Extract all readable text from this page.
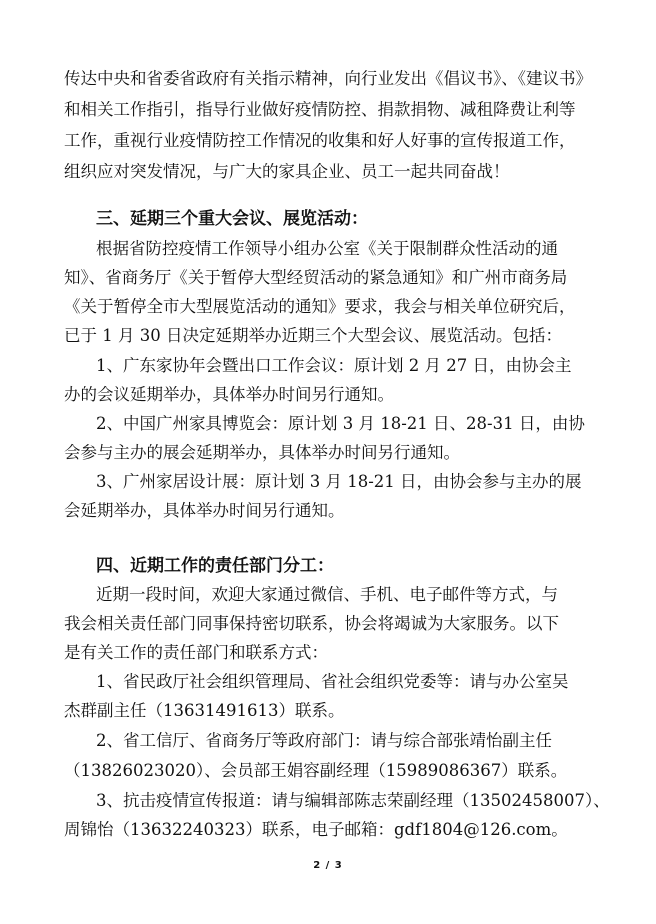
传达中央和省委省政府有关指示精神，向行业发出《倡议书》、《建议书》
和相关工作指引，指导行业做好疫情防控、捐款捐物、减租降费让利等
工作，重视行业疫情防控工作情况的收集和好人好事的宣传报道工作，
组织应对突发情况，与广大的家具企业、员工一起共同奋战！
三、延期三个重大会议、展览活动：
根据省防控疫情工作领导小组办公室《关于限制群众性活动的通
知》、省商务厅《关于暂停大型经贸活动的紧急通知》和广州市商务局
《关于暂停全市大型展览活动的通知》要求，我会与相关单位研究后，
已于 1 月 30 日决定延期举办近期三个大型会议、展览活动。包括：
1、广东家协年会暨出口工作会议：原计划 2 月 27 日，由协会主
办的会议延期举办，具体举办时间另行通知。
2、中国广州家具博览会：原计划 3 月 18-21 日、28-31 日，由协
会参与主办的展会延期举办，具体举办时间另行通知。
3、广州家居设计展：原计划 3 月 18-21 日，由协会参与主办的展
会延期举办，具体举办时间另行通知。
四、近期工作的责任部门分工：
近期一段时间，欢迎大家通过微信、手机、电子邮件等方式，与
我会相关责任部门同事保持密切联系，协会将竭诚为大家服务。以下
是有关工作的责任部门和联系方式：
1、省民政厅社会组织管理局、省社会组织党委等：请与办公室吴
杰群副主任（13631491613）联系。
2、省工信厅、省商务厅等政府部门：请与综合部张靖怡副主任
（13826023020）、会员部王娟容副经理（15989086367）联系。
3、抗击疫情宣传报道：请与编辑部陈志荣副经理（13502458007）、
周锦怡（13632240323）联系，电子邮箱：gdf1804@126.com。
2 / 3
